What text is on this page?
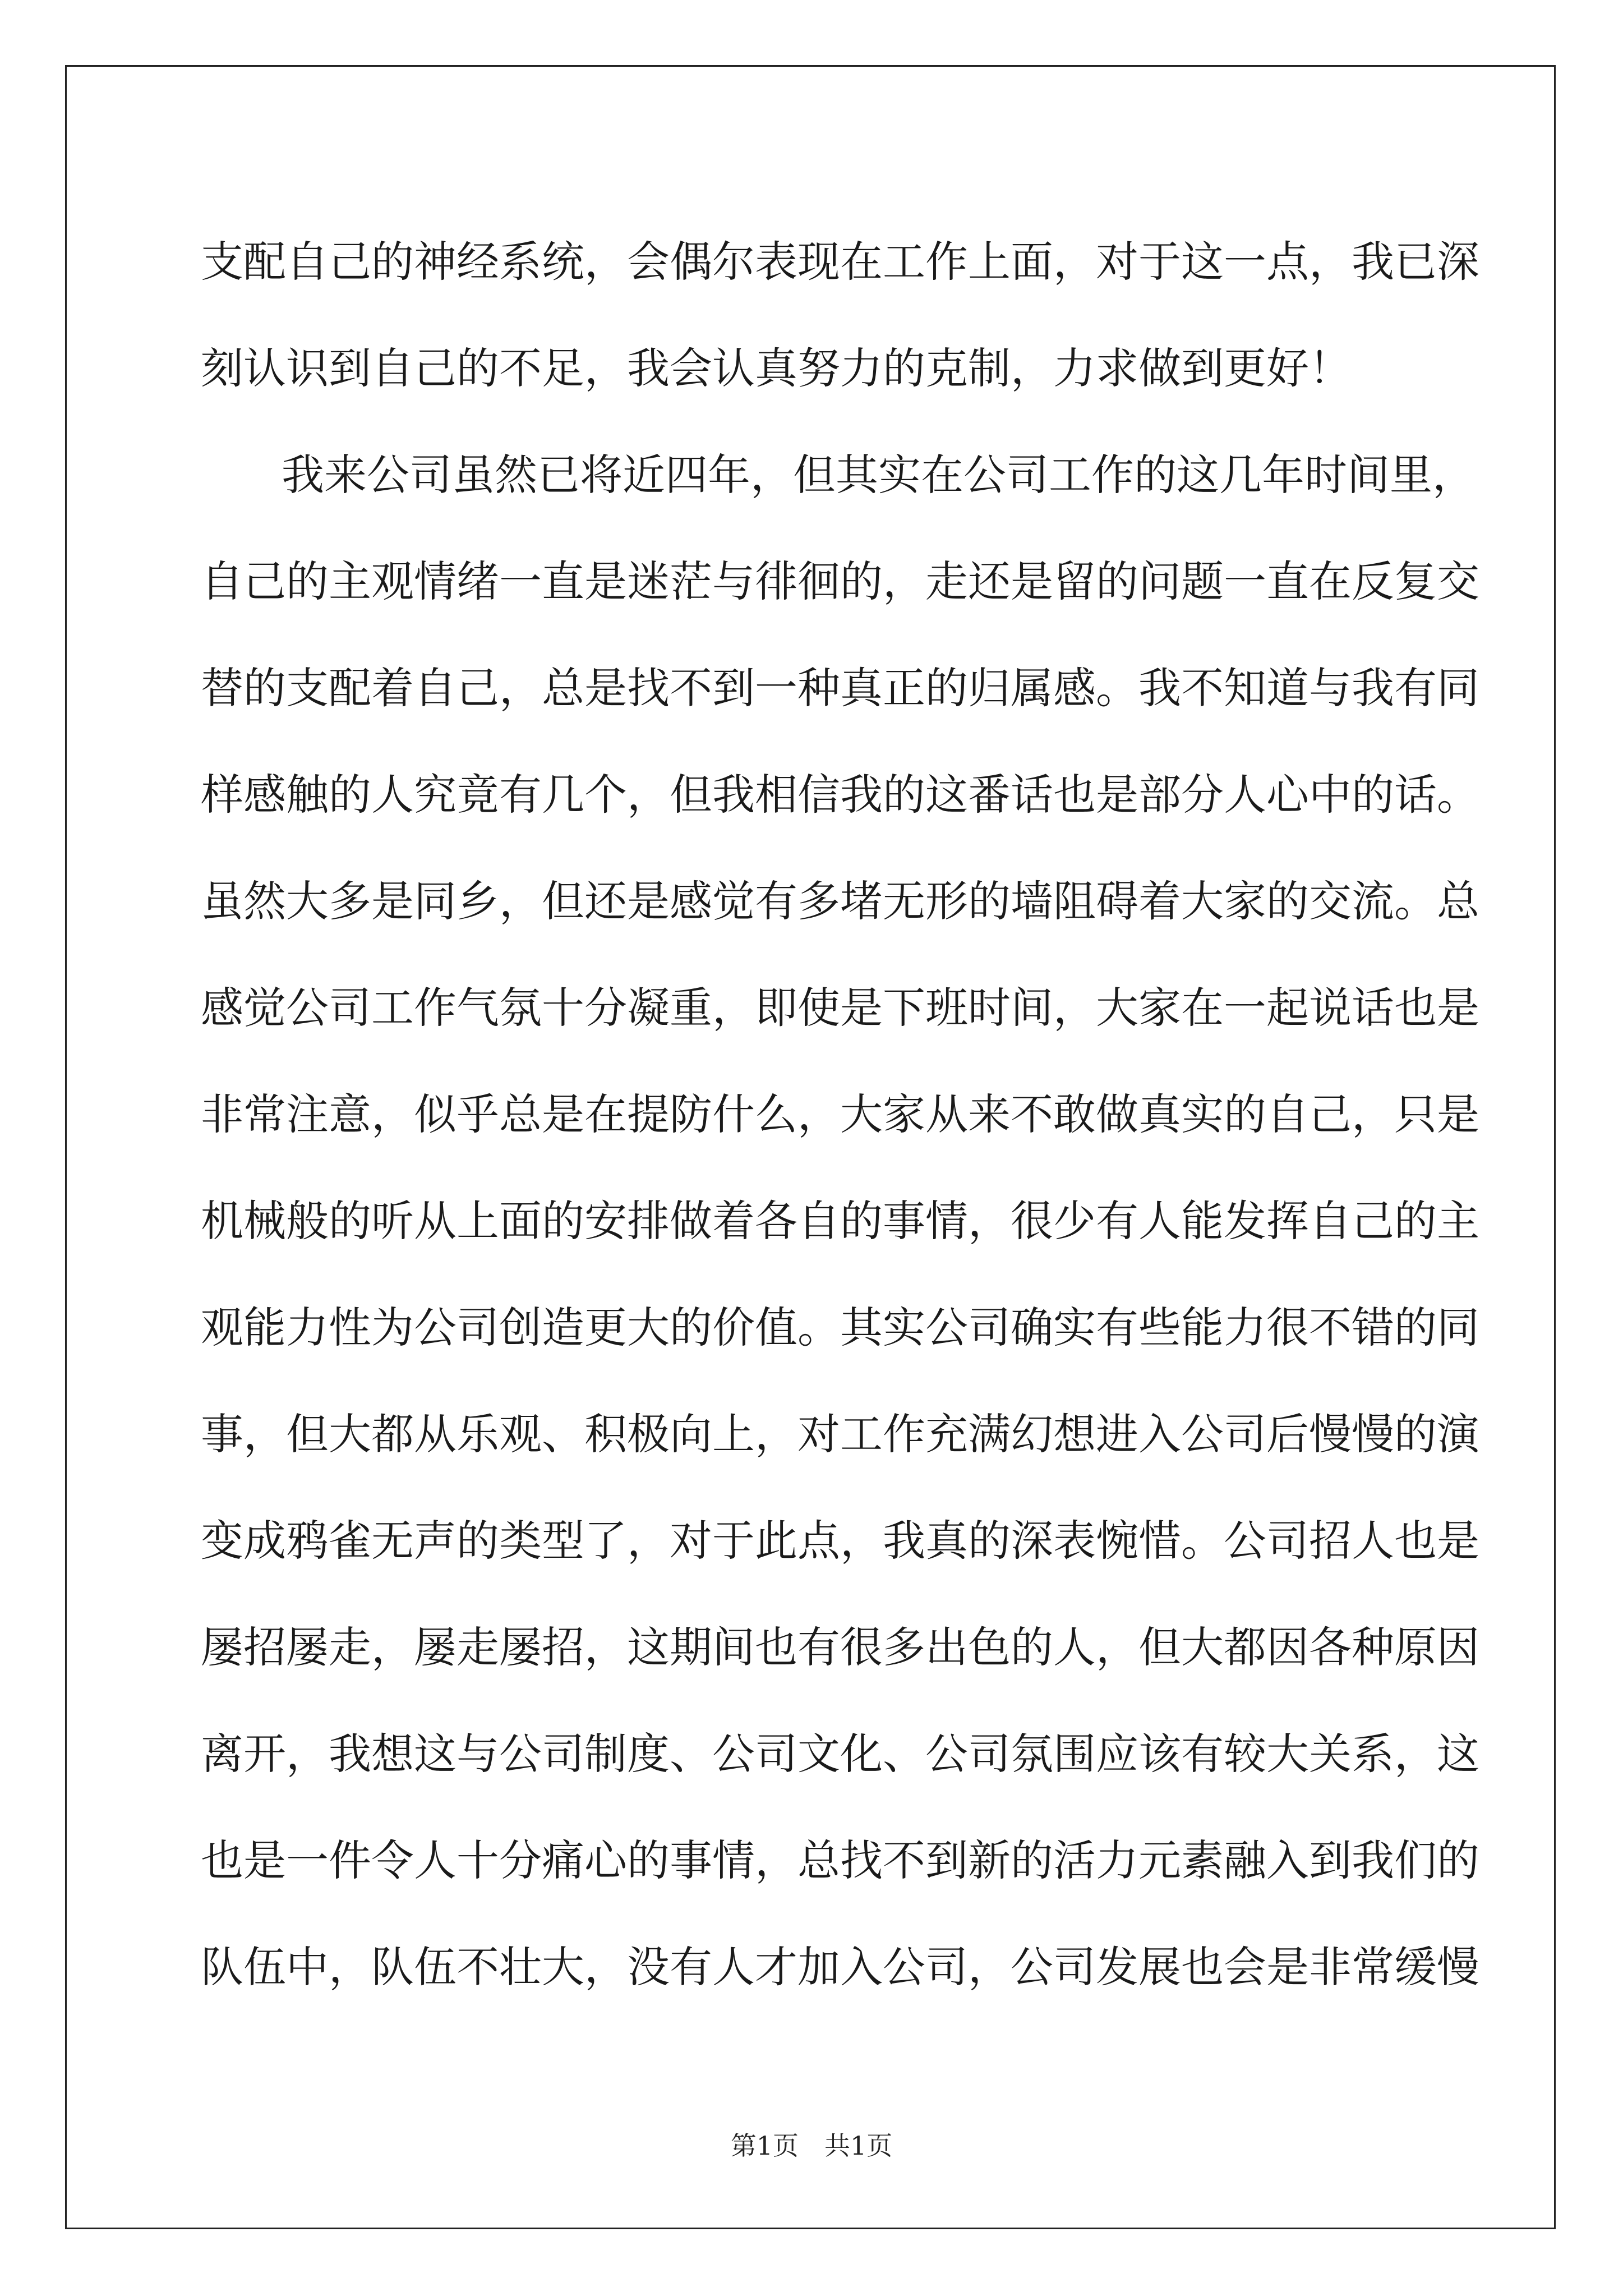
支配自己的神经系统，会偶尔表现在工作上面，对于这一点，我已深
刻认识到自己的不足，我会认真努力的克制，力求做到更好！
我来公司虽然已将近四年，但其实在公司工作的这几年时间里，
自己的主观情绪一直是迷茫与徘徊的，走还是留的问题一直在反复交
替的支配着自己，总是找不到一种真正的归属感。我不知道与我有同
样感触的人究竟有几个，但我相信我的这番话也是部分人心中的话。
虽然大多是同乡，但还是感觉有多堵无形的墙阻碍着大家的交流。总
感觉公司工作气氛十分凝重，即使是下班时间，大家在一起说话也是
非常注意，似乎总是在提防什么，大家从来不敢做真实的自己，只是
机械般的听从上面的安排做着各自的事情，很少有人能发挥自己的主
观能力性为公司创造更大的价值。其实公司确实有些能力很不错的同
事，但大都从乐观、积极向上，对工作充满幻想进入公司后慢慢的演
变成鸦雀无声的类型了，对于此点，我真的深表惋惜。公司招人也是
屡招屡走，屡走屡招，这期间也有很多出色的人，但大都因各种原因
离开，我想这与公司制度、公司文化、公司氛围应该有较大关系，这
也是一件令人十分痛心的事情，总找不到新的活力元素融入到我们的
队伍中，队伍不壮大，没有人才加入公司，公司发展也会是非常缓慢
第1页　共1页
